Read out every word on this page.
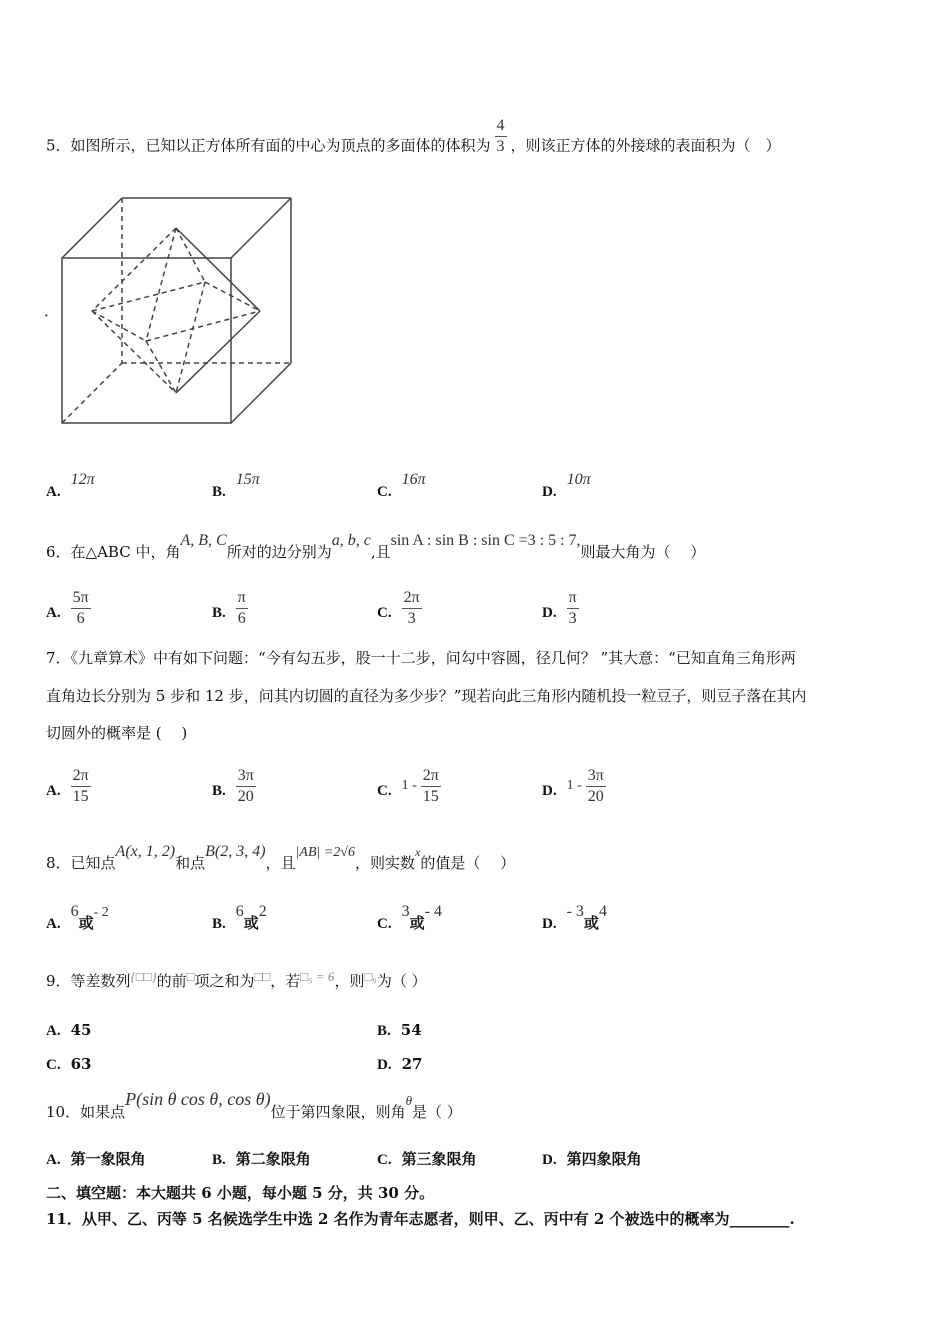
5．如图所示，已知以正方体所有面的中心为顶点的多面体的体积为 $\frac{4}{3}$ ，则该正方体的外接球的表面积为（　）
．
A.12π
B.15π
C.16π
D.10π
6．在△ABC 中，角A, B, C所对的边分别为a, b, c,且sin A : sin B : sin C =3 : 5 : 7,则最大角为（　 ）
A. $\frac{5\pi}{6}$	B. $\frac{\pi}{6}$	C. $\frac{2\pi}{3}$	D. $\frac{\pi}{3}$
7．《九章算术》中有如下问题：“今有勾五步，股一十二步，问勾中容圆，径几何？ ”其大意：“已知直角三角形两
直角边长分别为 5 步和 12 步，问其内切圆的直径为多少步？”现若向此三角形内随机投一粒豆子，则豆子落在其内
切圆外的概率是 (　 )
A. $\frac{2\pi}{15}$	B. $\frac{3\pi}{20}$	C. $1 - \frac{2\pi}{15}$	D. $1 - \frac{3\pi}{20}$
8．已知点A(x, 1, 2)和点B(2, 3, 4)，且|AB| =2√6，则实数$^x$的值是（　 ）
A.6或- 2
B.6或2
C.3或- 4
D.- 3或4
9．等差数列{□□}的前□项之和为□□，若□₅ = 6，则□₉为（ ）
A. 45	B. 54
C. 63	D. 27
10．如果点P(sin θ cos θ, cos θ)位于第四象限，则角θ是（ ）
A. 第一象限角	B. 第二象限角	C. 第三象限角	D. 第四象限角
二、填空题：本大题共 6 小题，每小题 5 分，共 30 分。
11．从甲、乙、丙等 5 名候选学生中选 2 名作为青年志愿者，则甲、乙、丙中有 2 个被选中的概率为________.
